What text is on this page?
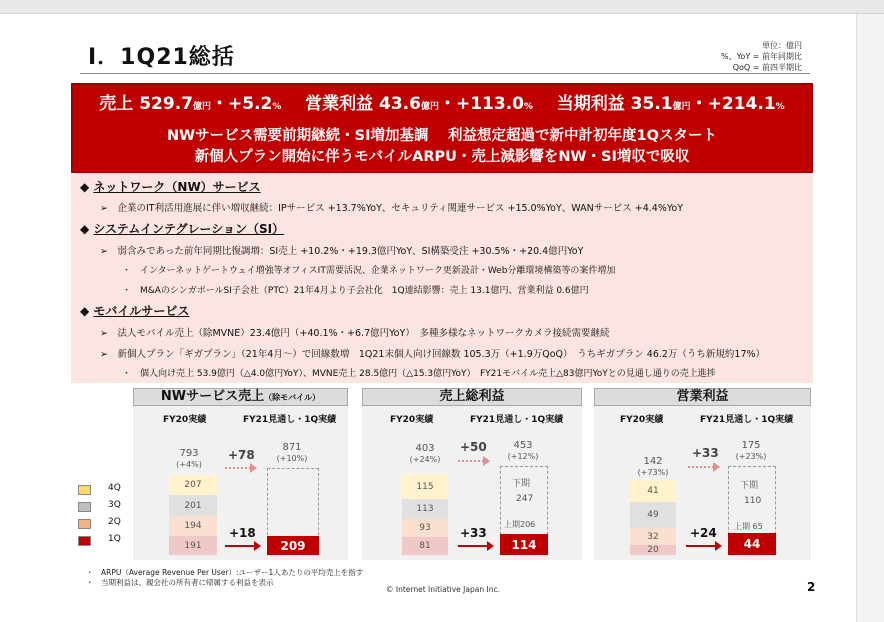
Ⅰ．1Q21総括	単位：億円
%、YoY = 前年同期比
QoQ = 前四半期比
売上 529.7億円・+5.2% 営業利益 43.6億円・+113.0% 当期利益 35.1億円・+214.1%
NWサービス需要前期継続・SI増加基調　 利益想定超過で新中計初年度1Qスタート
新個人プラン開始に伴うモバイルARPU・売上減影響をNW・SI増収で吸収
◆ ネットワーク（NW）サービス
➢　企業のIT利活用進展に伴い増収継続：IPサービス +13.7%YoY、セキュリティ関連サービス +15.0%YoY、WANサービス +4.4%YoY
◆ システムインテグレーション（SI）
➢　弱含みであった前年同期比復調増：SI売上 +10.2%・+19.3億円YoY、SI構築受注 +30.5%・+20.4億円YoY
・　インターネットゲートウェイ増強等オフィスIT需要活況、企業ネットワーク更新設計・Web分離環境構築等の案件増加
・　M&AのシンガポールSI子会社（PTC）21年4月より子会社化　1Q連結影響：売上 13.1億円、営業利益 0.6億円
◆ モバイルサービス
➢　法人モバイル売上（除MVNE）23.4億円（+40.1%・+6.7億円YoY）　多種多様なネットワークカメラ接続需要継続
➢　新個人プラン「ギガプラン」（21年4月～）で回線数増　1Q21末個人向け回線数 105.3万（+1.9万QoQ）　うちギガプラン 46.2万（うち新規約17%）
・　個人向け売上 53.9億円（△4.0億円YoY）、MVNE売上 28.5億円（△15.3億円YoY）　FY21モバイル売上△83億円YoYとの見通し通りの売上進捗
4Q
3Q
2Q
1Q
NWサービス売上（除モバイル）
FY20実績	FY21見通し・1Q実績
793
(+4%)
207
201
194
191
+78
871
(+10%)
209
+18
売上総利益
FY20実績	FY21見通し・1Q実績
403
(+24%)
115
113
93
81
+50	453
(+12%)
下期
247
上期206
114
+33
営業利益
FY20実績	FY21見通し・1Q実績
142
(+73%)
41
49
32
20
+33
175
(+23%)
下期
110
上期 65
44
+24
・　ARPU（Average Revenue Per User）:ユーザー1人あたりの平均売上を指す
・　当期利益は、親会社の所有者に帰属する利益を表示
© Internet Initiative Japan Inc.	2
